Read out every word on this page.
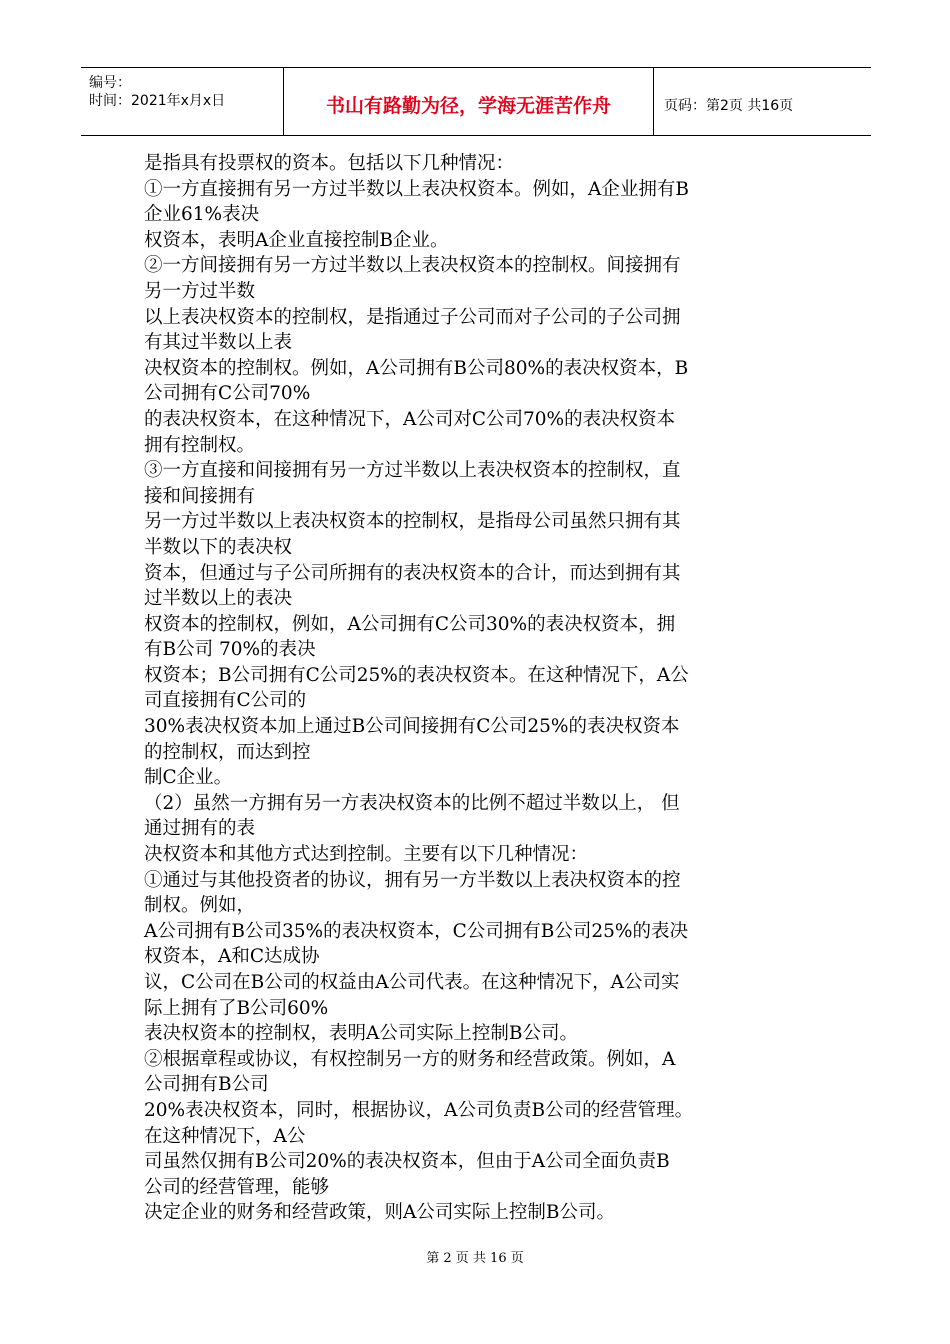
编号：
时间：2021年x月x日	书山有路勤为径，学海无涯苦作舟	页码：第2页 共16页
是指具有投票权的资本。包括以下几种情况：
①一方直接拥有另一方过半数以上表决权资本。例如，A企业拥有B
企业61%表决
权资本，表明A企业直接控制B企业。
②一方间接拥有另一方过半数以上表决权资本的控制权。间接拥有
另一方过半数
以上表决权资本的控制权，是指通过子公司而对子公司的子公司拥
有其过半数以上表
决权资本的控制权。例如，A公司拥有B公司80%的表决权资本，B
公司拥有C公司70%
的表决权资本，在这种情况下，A公司对C公司70%的表决权资本
拥有控制权。
③一方直接和间接拥有另一方过半数以上表决权资本的控制权，直
接和间接拥有
另一方过半数以上表决权资本的控制权，是指母公司虽然只拥有其
半数以下的表决权
资本，但通过与子公司所拥有的表决权资本的合计，而达到拥有其
过半数以上的表决
权资本的控制权，例如，A公司拥有C公司30%的表决权资本，拥
有B公司 70%的表决
权资本；B公司拥有C公司25%的表决权资本。在这种情况下，A公
司直接拥有C公司的
30%表决权资本加上通过B公司间接拥有C公司25%的表决权资本
的控制权，而达到控
制C企业。
（2）虽然一方拥有另一方表决权资本的比例不超过半数以上， 但
通过拥有的表
决权资本和其他方式达到控制。主要有以下几种情况：
①通过与其他投资者的协议，拥有另一方半数以上表决权资本的控
制权。例如，
A公司拥有B公司35%的表决权资本，C公司拥有B公司25%的表决
权资本，A和C达成协
议，C公司在B公司的权益由A公司代表。在这种情况下，A公司实
际上拥有了B公司60%
表决权资本的控制权，表明A公司实际上控制B公司。
②根据章程或协议，有权控制另一方的财务和经营政策。例如，A
公司拥有B公司
20%表决权资本，同时，根据协议，A公司负责B公司的经营管理。
在这种情况下，A公
司虽然仅拥有B公司20%的表决权资本，但由于A公司全面负责B
公司的经营管理，能够
决定企业的财务和经营政策，则A公司实际上控制B公司。
第 2 页 共 16 页
